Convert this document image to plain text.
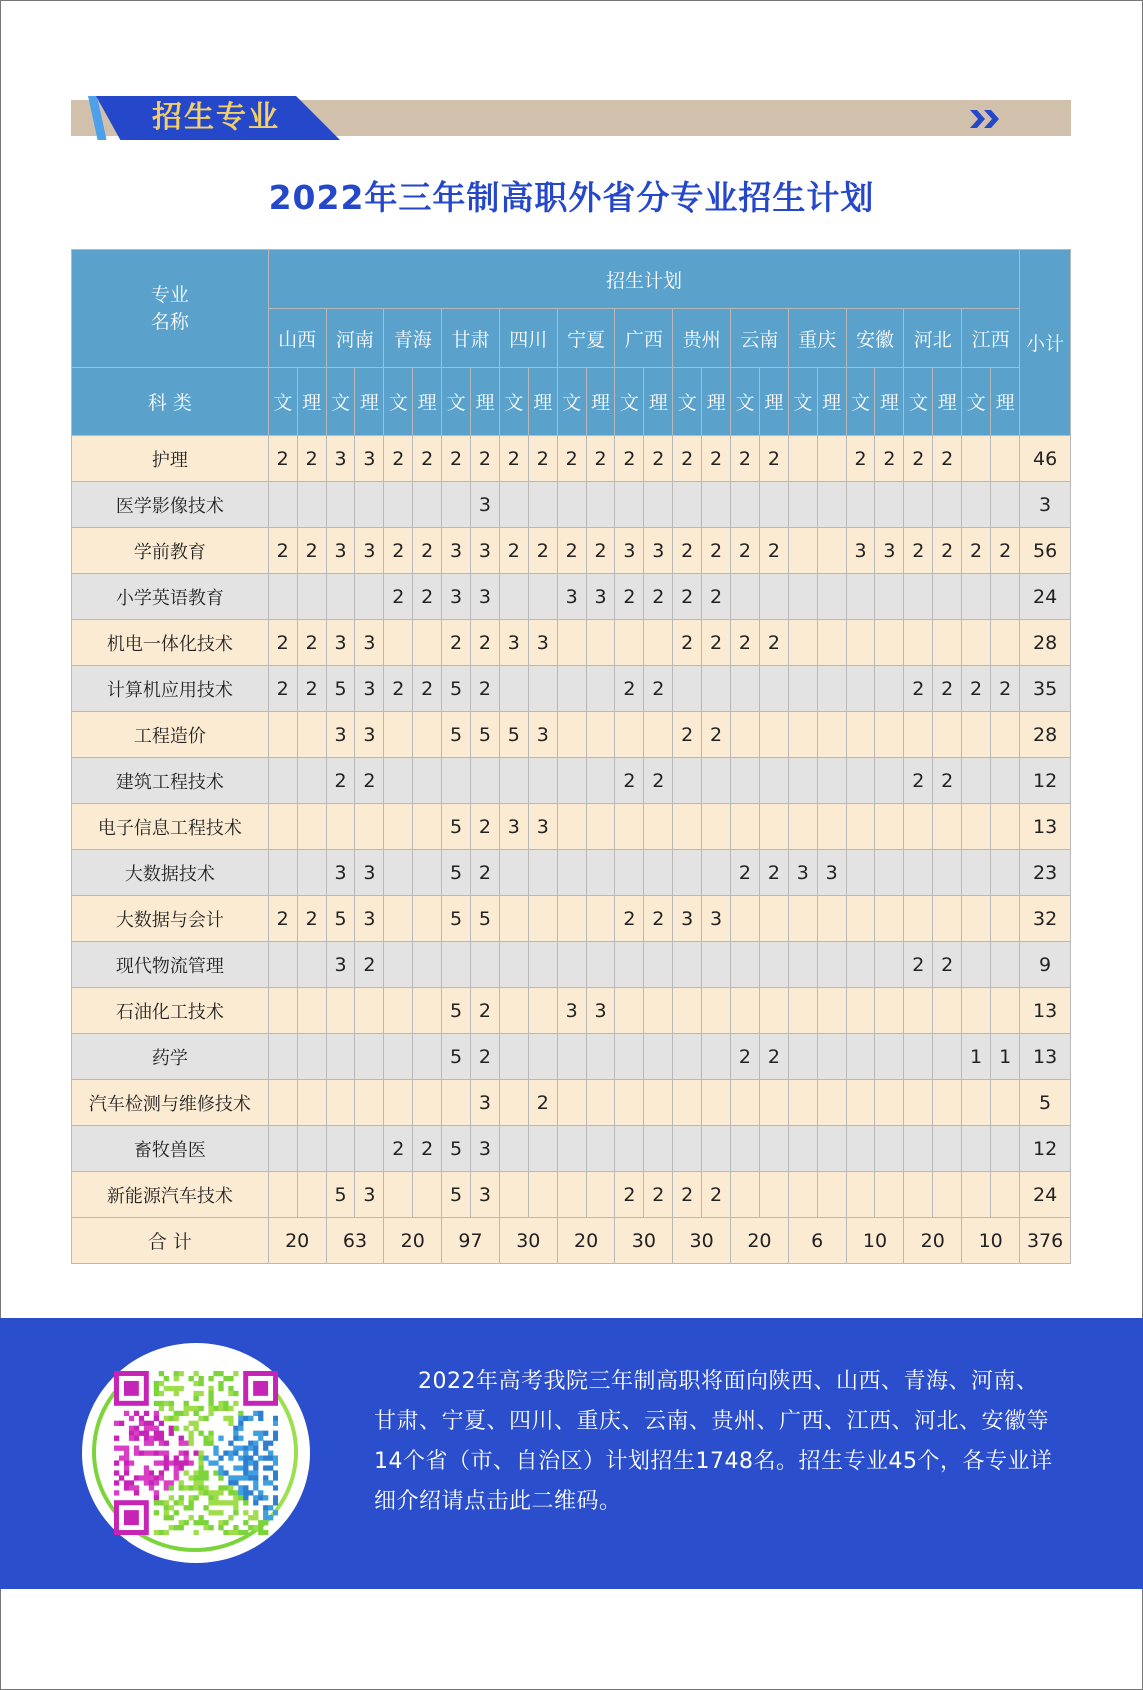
招生专业
2022年三年制高职外省分专业招生计划
专业
名称	招生计划																										小计
	山西		河南		青海		甘肃		四川		宁夏		广西		贵州		云南		重庆		安徽		河北		江西		
科 类	文	理	文	理	文	理	文	理	文	理	文	理	文	理	文	理	文	理	文	理	文	理	文	理	文	理	
护理	2	2	3	3	2	2	2	2	2	2	2	2	2	2	2	2	2	2			2	2	2	2			46
医学影像技术								3																			3
学前教育	2	2	3	3	2	2	3	3	2	2	2	2	3	3	2	2	2	2			3	3	2	2	2	2	56
小学英语教育					2	2	3	3			3	3	2	2	2	2											24
机电一体化技术	2	2	3	3			2	2	3	3					2	2	2	2									28
计算机应用技术	2	2	5	3	2	2	5	2					2	2									2	2	2	2	35
工程造价			3	3			5	5	5	3					2	2											28
建筑工程技术			2	2									2	2									2	2			12
电子信息工程技术							5	2	3	3																	13
大数据技术			3	3			5	2									2	2	3	3							23
大数据与会计	2	2	5	3			5	5					2	2	3	3											32
现代物流管理			3	2																			2	2			9
石油化工技术							5	2			3	3															13
药学							5	2									2	2							1	1	13
汽车检测与维修技术								3		2																	5
畜牧兽医					2	2	5	3																			12
新能源汽车技术			5	3			5	3					2	2	2	2											24
合 计	20		63		20		97		30		20		30		30		20		6		10		20		10		376
2022年高考我院三年制高职将面向陕西、山西、青海、河南、甘肃、宁夏、四川、重庆、云南、贵州、广西、江西、河北、安徽等14个省（市、自治区）计划招生1748名。招生专业45个，各专业详细介绍请点击此二维码。
